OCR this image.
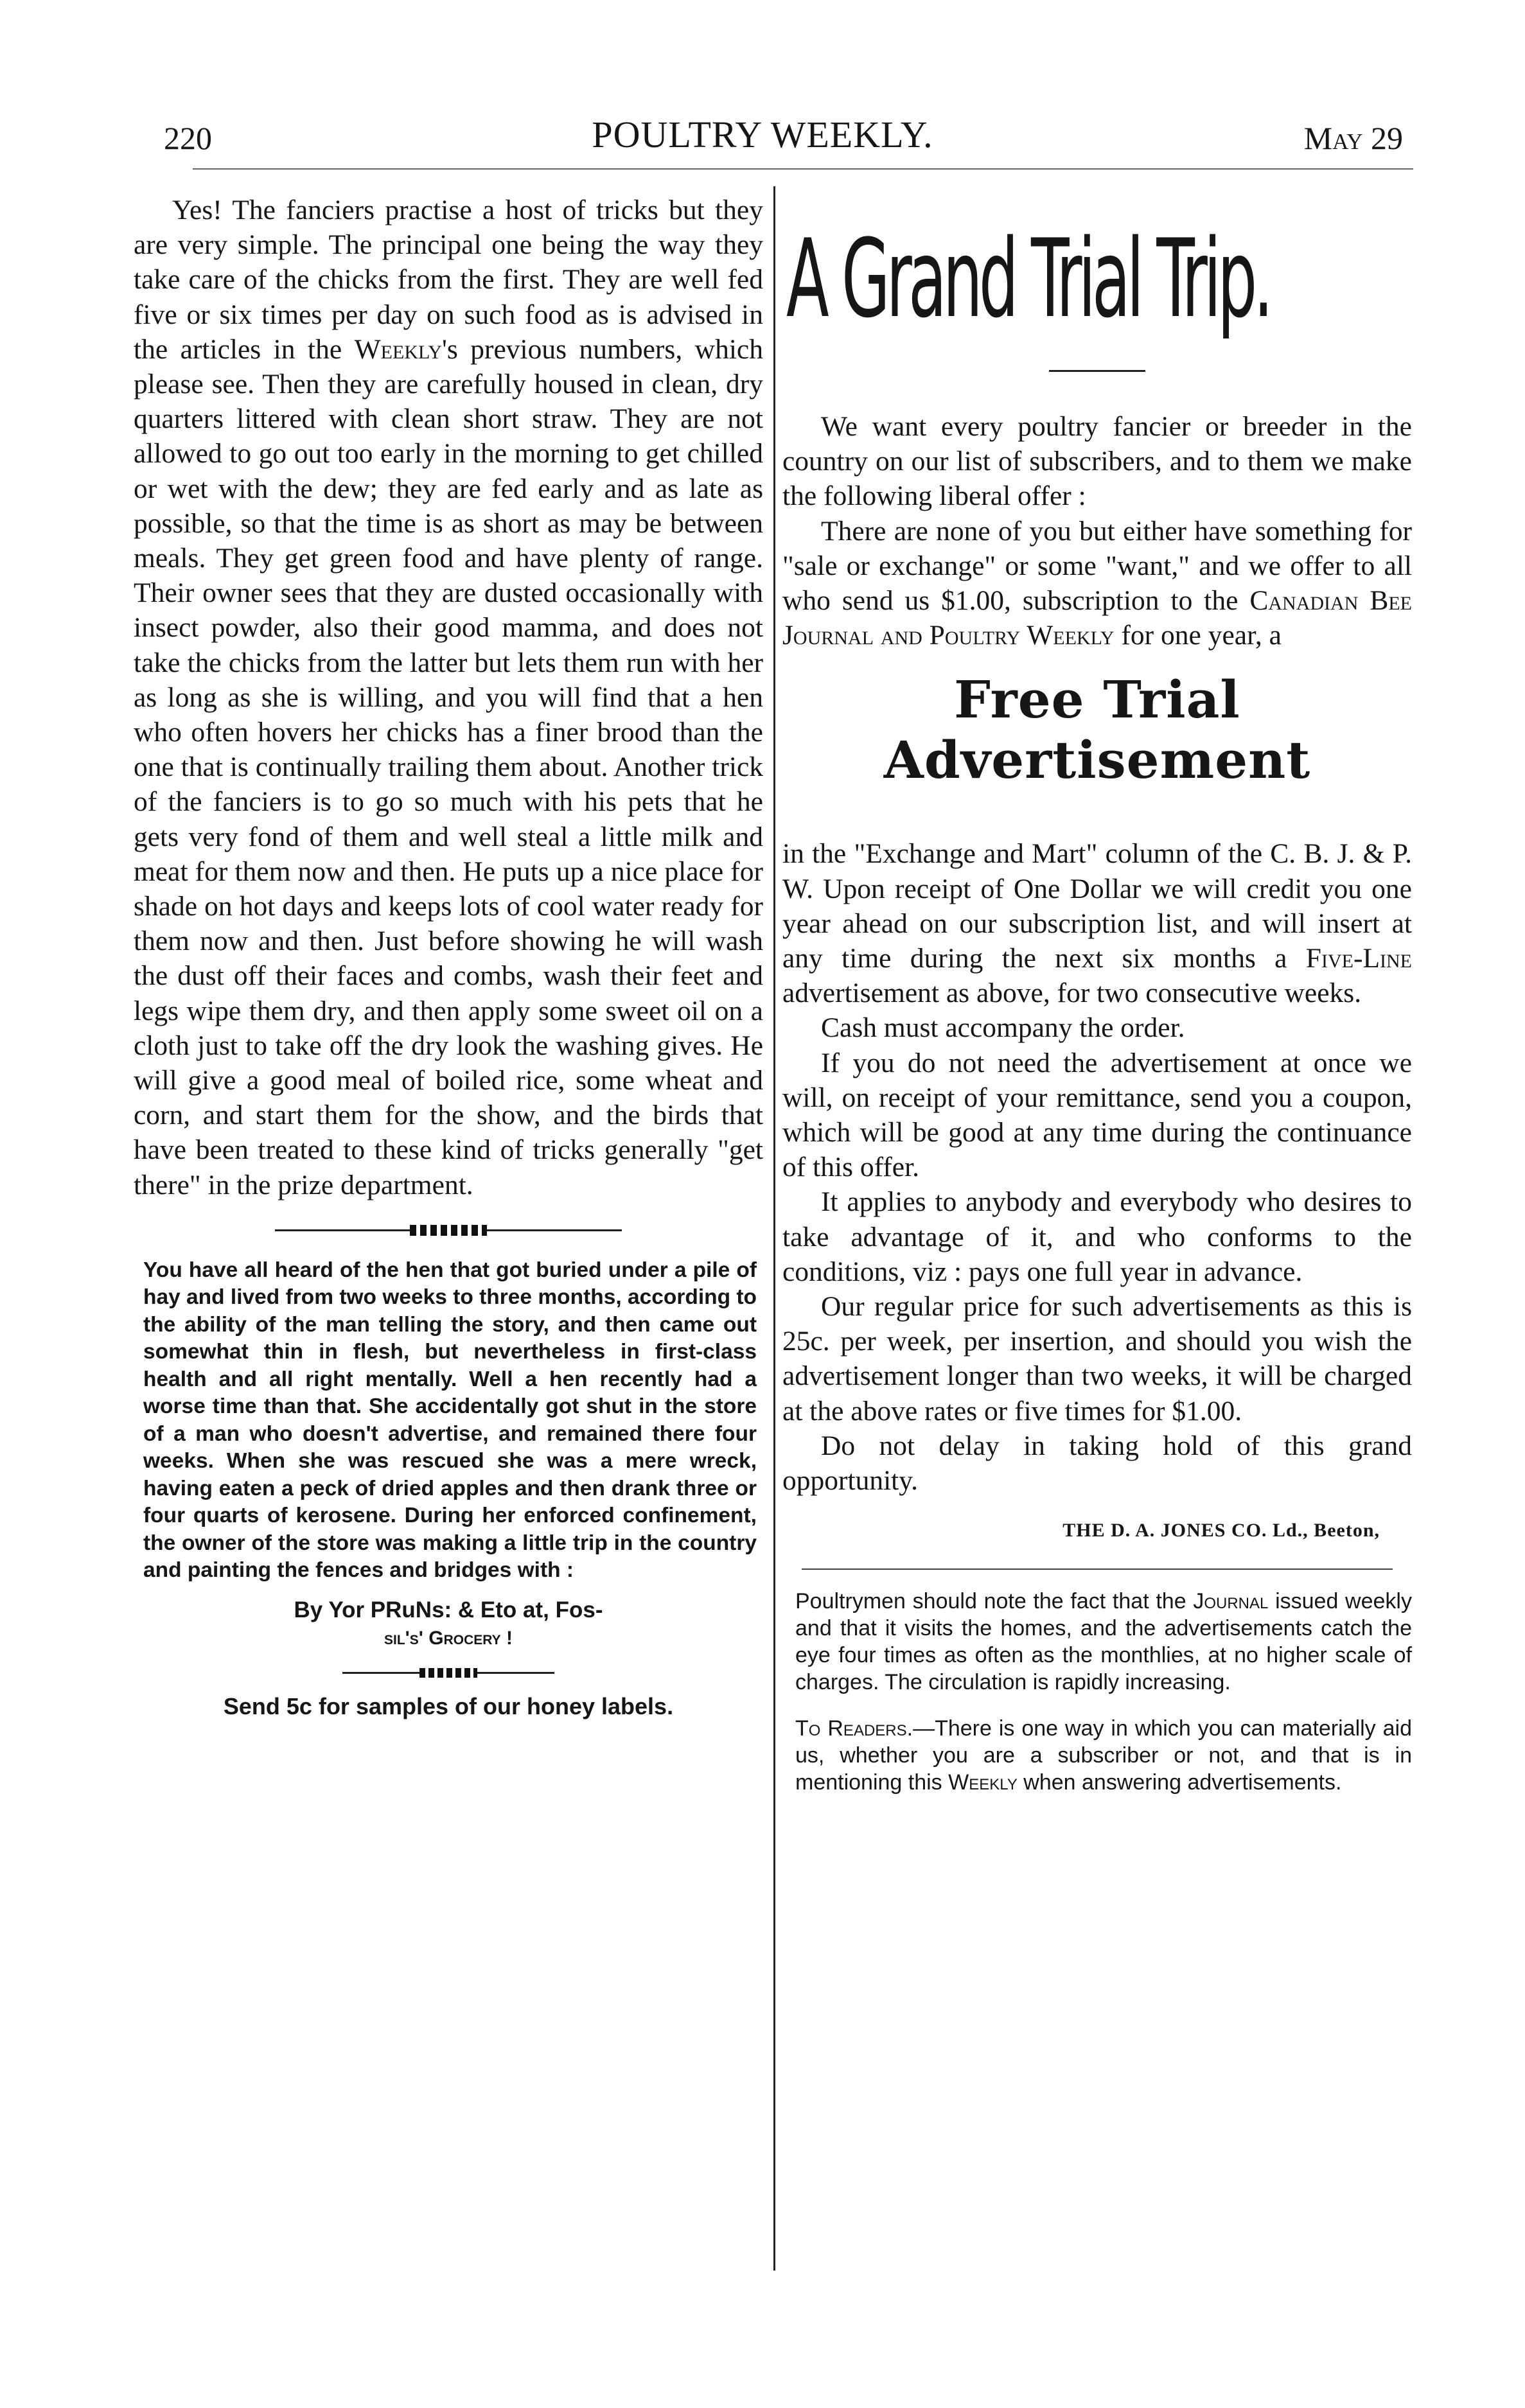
220	POULTRY WEEKLY.	May 29

Yes! The fanciers practise a host of tricks but they are very simple. The principal one being the way they take care of the chicks from the first. They are well fed five or six times per day on such food as is advised in the articles in the Weekly's previous numbers, which please see. Then they are carefully housed in clean, dry quarters littered with clean short straw. They are not allowed to go out too early in the morning to get chilled or wet with the dew; they are fed early and as late as possible, so that the time is as short as may be between meals. They get green food and have plenty of range. Their owner sees that they are dusted occasionally with insect powder, also their good mamma, and does not take the chicks from the latter but lets them run with her as long as she is willing, and you will find that a hen who often hovers her chicks has a finer brood than the one that is continually trailing them about. Another trick of the fanciers is to go so much with his pets that he gets very fond of them and well steal a little milk and meat for them now and then. He puts up a nice place for shade on hot days and keeps lots of cool water ready for them now and then. Just before showing he will wash the dust off their faces and combs, wash their feet and legs wipe them dry, and then apply some sweet oil on a cloth just to take off the dry look the washing gives. He will give a good meal of boiled rice, some wheat and corn, and start them for the show, and the birds that have been treated to these kind of tricks generally "get there" in the prize department.

You have all heard of the hen that got buried under a pile of hay and lived from two weeks to three months, according to the ability of the man telling the story, and then came out somewhat thin in flesh, but nevertheless in first-class health and all right mentally. Well a hen recently had a worse time than that. She accidentally got shut in the store of a man who doesn't advertise, and remained there four weeks. When she was rescued she was a mere wreck, having eaten a peck of dried apples and then drank three or four quarts of kerosene. During her enforced confinement, the owner of the store was making a little trip in the country and painting the fences and bridges with :

By Yor PRuNs: & Eto at, Fos-
sil's' Grocery !

Send 5c for samples of our honey labels.

A Grand Trial Trip.

We want every poultry fancier or breeder in the country on our list of subscribers, and to them we make the following liberal offer :

There are none of you but either have something for "sale or exchange" or some "want," and we offer to all who send us $1.00, subscription to the Canadian Bee Journal and Poultry Weekly for one year, a

Free Trial Advertisement

in the "Exchange and Mart" column of the C. B. J. & P. W. Upon receipt of One Dollar we will credit you one year ahead on our subscription list, and will insert at any time during the next six months a Five-Line advertisement as above, for two consecutive weeks.

Cash must accompany the order.

If you do not need the advertisement at once we will, on receipt of your remittance, send you a coupon, which will be good at any time during the continuance of this offer.

It applies to anybody and everybody who desires to take advantage of it, and who conforms to the conditions, viz : pays one full year in advance.

Our regular price for such advertisements as this is 25c. per week, per insertion, and should you wish the advertisement longer than two weeks, it will be charged at the above rates or five times for $1.00.

Do not delay in taking hold of this grand opportunity.

THE D. A. JONES CO. Ld., Beeton,

Poultrymen should note the fact that the Journal issued weekly and that it visits the homes, and the advertisements catch the eye four times as often as the monthlies, at no higher scale of charges. The circulation is rapidly increasing.

To Readers.—There is one way in which you can materially aid us, whether you are a subscriber or not, and that is in mentioning this Weekly when answering advertisements.
